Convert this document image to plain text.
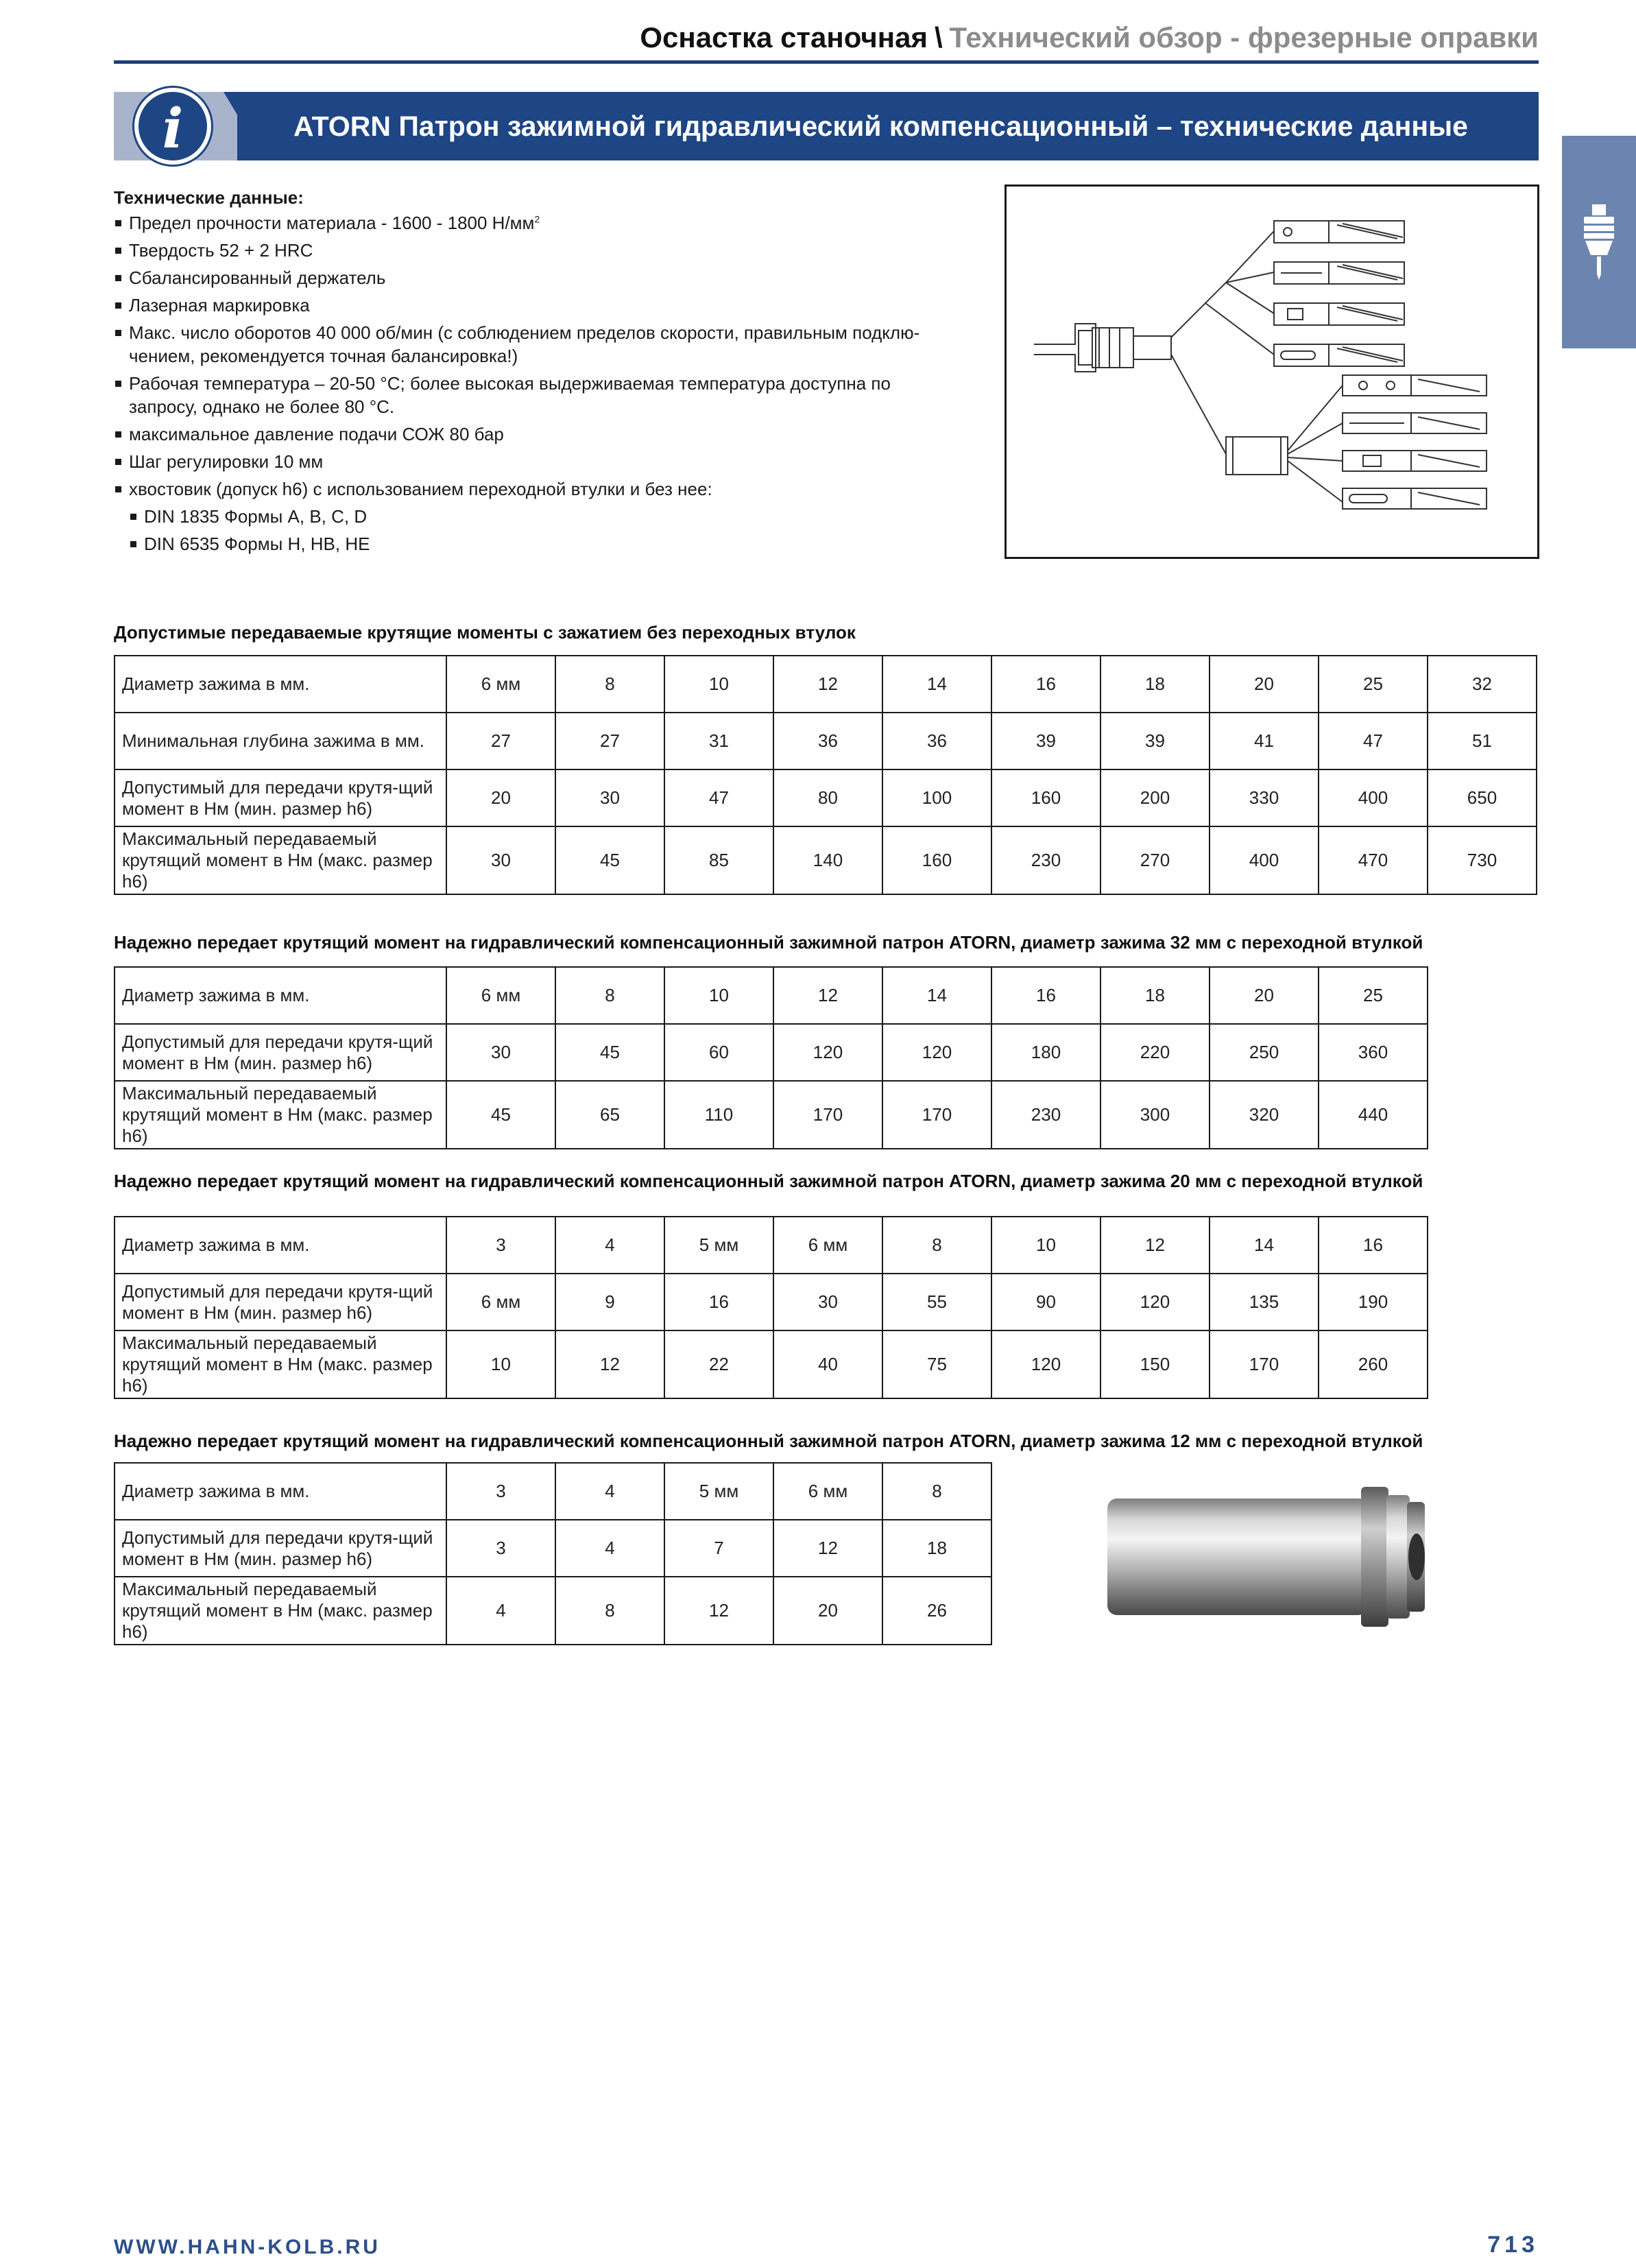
Оснастка станочная \ Технический обзор - фрезерные оправки
i	ATORN Патрон зажимной гидравлический компенсационный – технические данные
Технические данные:
Предел прочности материала - 1600 - 1800 $Н/мм^2$
Твердость 52 + 2 HRC
Сбалансированный держатель
Лазерная маркировка
Макс. число оборотов 40 000 об/мин (с соблюдением пределов скорости, правильным подклю-
чением, рекомендуется точная балансировка!)
Рабочая температура – 20-50 °С; более высокая выдерживаемая температура доступна по
запросу, однако не более 80 °С.
максимальное давление подачи СОЖ 80 бар
Шаг регулировки 10 мм
хвостовик (допуск h6) с использованием переходной втулки и без нее:
DIN 1835 Формы A, B, C, D
DIN 6535 Формы H, HB, HE
Допустимые передаваемые крутящие моменты с зажатием без переходных втулок
Диаметр зажима в мм.	6 мм	8	10	12	14	16	18	20	25	32
Минимальная глубина зажима в мм.	27	27	31	36	36	39	39	41	47	51
Допустимый для передачи крутя-щий момент в Нм (мин. размер h6)	20	30	47	80	100	160	200	330	400	650
Максимальный передаваемый крутящий момент в Нм (макс. размер h6)	30	45	85	140	160	230	270	400	470	730
Надежно передает крутящий момент на гидравлический компенсационный зажимной патрон ATORN, диаметр зажима 32 мм с переходной втулкой
Диаметр зажима в мм.	6 мм	8	10	12	14	16	18	20	25
Допустимый для передачи крутя-щий момент в Нм (мин. размер h6)	30	45	60	120	120	180	220	250	360
Максимальный передаваемый крутящий момент в Нм (макс. размер h6)	45	65	110	170	170	230	300	320	440
Надежно передает крутящий момент на гидравлический компенсационный зажимной патрон ATORN, диаметр зажима 20 мм с переходной втулкой
Диаметр зажима в мм.	3	4	5 мм	6 мм	8	10	12	14	16
Допустимый для передачи крутя-щий момент в Нм (мин. размер h6)	6 мм	9	16	30	55	90	120	135	190
Максимальный передаваемый крутящий момент в Нм (макс. размер h6)	10	12	22	40	75	120	150	170	260
Надежно передает крутящий момент на гидравлический компенсационный зажимной патрон ATORN, диаметр зажима 12 мм с переходной втулкой
Диаметр зажима в мм.	3	4	5 мм	6 мм	8
Допустимый для передачи крутя-щий момент в Нм (мин. размер h6)	3	4	7	12	18
Максимальный передаваемый крутящий момент в Нм (макс. размер h6)	4	8	12	20	26
WWW.HAHN-KOLB.RU	713
